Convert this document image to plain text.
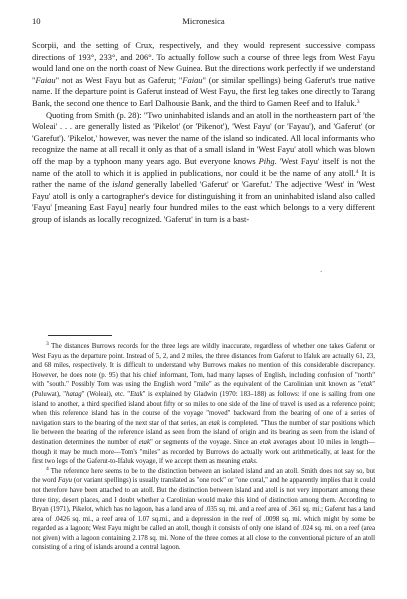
10	Micronesica

Scorpii, and the setting of Crux, respectively, and they would represent successive compass directions of 193°, 233°, and 206°. To actually follow such a course of three legs from West Fayu would land one on the north coast of New Guinea. But the directions work perfectly if we understand "Faiau" not as West Fayu but as Gaferut; "Faiau" (or similar spellings) being Gaferut's true native name. If the departure point is Gaferut instead of West Fayu, the first leg takes one directly to Tarang Bank, the second one thence to Earl Dalhousie Bank, and the third to Gamen Reef and to Ifaluk.$^3$

Quoting from Smith (p. 28): "Two uninhabited islands and an atoll in the northeastern part of 'the Woleai' . . . are generally listed as 'Pikelot' (or 'Pikenot'), 'West Fayu' (or 'Fayau'), and 'Gaferut' (or 'Garefut'). 'Pikelot,' however, was never the name of the island so indicated. All local informants who recognize the name at all recall it only as that of a small island in 'West Fayu' atoll which was blown off the map by a typhoon many years ago. But everyone knows Pihg. 'West Fayu' itself is not the name of the atoll to which it is applied in publications, nor could it be the name of any atoll.$^4$ It is rather the name of the island generally labelled 'Gaferut' or 'Garefut.' The adjective 'West' in 'West Fayu' atoll is only a cartographer's device for distinguishing it from an uninhabited island also called 'Fayu' [meaning East Fayu] nearly four hundred miles to the east which belongs to a very different group of islands as locally recognized. 'Gaferut' in turn is a bast-

`

$^3$ The distances Burrows records for the three legs are wildly inaccurate, regardless of whether one takes Gaferut or West Fayu as the departure point. Instead of 5, 2, and 2 miles, the three distances from Gaferut to Ifaluk are actually 61, 23, and 68 miles, respectively. It is difficult to understand why Burrows makes no mention of this considerable discrepancy. However, he does note (p. 95) that his chief informant, Tom, had many lapses of English, including confusion of "north" with "south." Possibly Tom was using the English word "mile" as the equivalent of the Carolinian unit known as "etak" (Puluwat), "hatag" (Woleai), etc. "Etak" is explained by Gladwin (1970: 183–188) as follows: if one is sailing from one island to another, a third specified island about fifty or so miles to one side of the line of travel is used as a reference point; when this reference island has in the course of the voyage "moved" backward from the bearing of one of a series of navigation stars to the bearing of the next star of that series, an etak is completed. "Thus the number of star positions which lie between the bearing of the reference island as seen from the island of origin and its bearing as seen from the island of destination determines the number of etak" or segments of the voyage. Since an etak averages about 10 miles in length—though it may be much more—Tom's "miles" as recorded by Burrows do actually work out arithmetically, at least for the first two legs of the Gaferut-to-Ifaluk voyage, if we accept them as meaning etaks.

$^4$ The reference here seems to be to the distinction between an isolated island and an atoll. Smith does not say so, but the word Fayu (or variant spellings) is usually translated as "one rock" or "one coral," and he apparently implies that it could not therefore have been attached to an atoll. But the distinction between island and atoll is not very important among these three tiny, desert places, and I doubt whether a Carolinian would make this kind of distinction among them. According to Bryan (1971), Pikelot, which has no lagoon, has a land area of .035 sq. mi. and a reef area of .361 sq. mi.; Gaferut has a land area of .0426 sq. mi., a reef area of 1.07 sq.mi., and a depression in the reef of .0098 sq. mi. which might by some be regarded as a lagoon; West Fayu might be called an atoll, though it consists of only one island of .024 sq. mi. on a reef (area not given) with a lagoon containing 2.178 sq. mi. None of the three comes at all close to the conventional picture of an atoll consisting of a ring of islands around a central lagoon.
